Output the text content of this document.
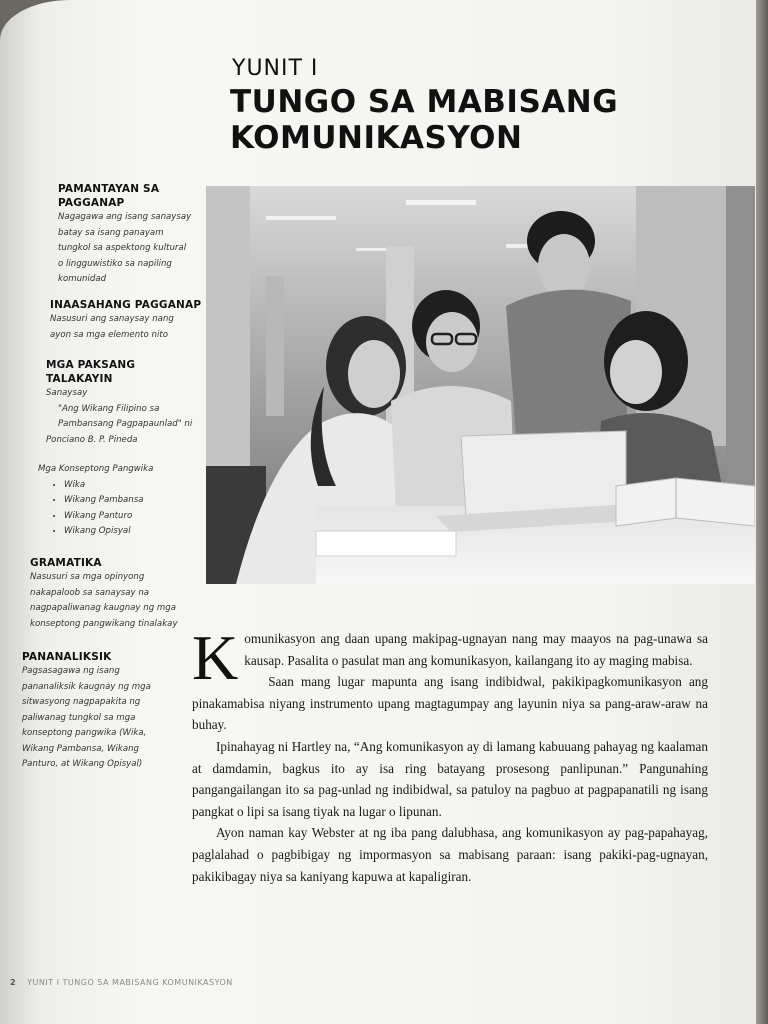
YUNIT I
TUNGO SA MABISANG
KOMUNIKASYON
PAMANTAYAN SA
PAGGANAP
Nagagawa ang isang sanaysay
batay sa isang panayam
tungkol sa aspektong kultural
o lingguwistiko sa napiling
komunidad
INAASAHANG PAGGANAP
Nasusuri ang sanaysay nang
ayon sa mga elemento nito
MGA PAKSANG
TALAKAYIN
Sanaysay
"Ang Wikang Filipino sa
Pambansang Pagpapaunlad" ni
Ponciano B. P. Pineda
Mga Konseptong Pangwika
• Wika
• Wikang Pambansa
• Wikang Panturo
• Wikang Opisyal
GRAMATIKA
Nasusuri sa mga opinyong
nakapaloob sa sanaysay na
nagpapaliwanag kaugnay ng mga
konseptong pangwikang tinalakay
PANANALIKSIK
Pagsasagawa ng isang
pananaliksik kaugnay ng mga
sitwasyong nagpapakita ng
paliwanag tungkol sa mga
konseptong pangwika (Wika,
Wikang Pambansa, Wikang
Panturo, at Wikang Opisyal)

Komunikasyon ang daan upang makipag-ugnayan nang may maayos na pag-unawa sa kausap. Pasalita o pasulat man ang komunikasyon, kailangang ito ay maging mabisa.

Saan mang lugar mapunta ang isang indibidwal, pakikipagkomunikasyon ang pinakamabisa niyang instrumento upang magtagumpay ang layunin niya sa pang-araw-araw na buhay.

Ipinahayag ni Hartley na, “Ang komunikasyon ay di lamang kabuuang pahayag ng kaalaman at damdamin, bagkus ito ay isa ring batayang prosesong panlipunan.” Pangunahing pangangailangan ito sa pag-unlad ng indibidwal, sa patuloy na pagbuo at pagpapanatili ng isang pangkat o lipi sa isang tiyak na lugar o lipunan.

Ayon naman kay Webster at ng iba pang dalubhasa, ang komunikasyon ay pag-papahayag, paglalahad o pagbibigay ng impormasyon sa mabisang paraan: isang pakiki-pag-ugnayan, pakikibagay niya sa kaniyang kapuwa at kapaligiran.

2 YUNIT I TUNGO SA MABISANG KOMUNIKASYON
